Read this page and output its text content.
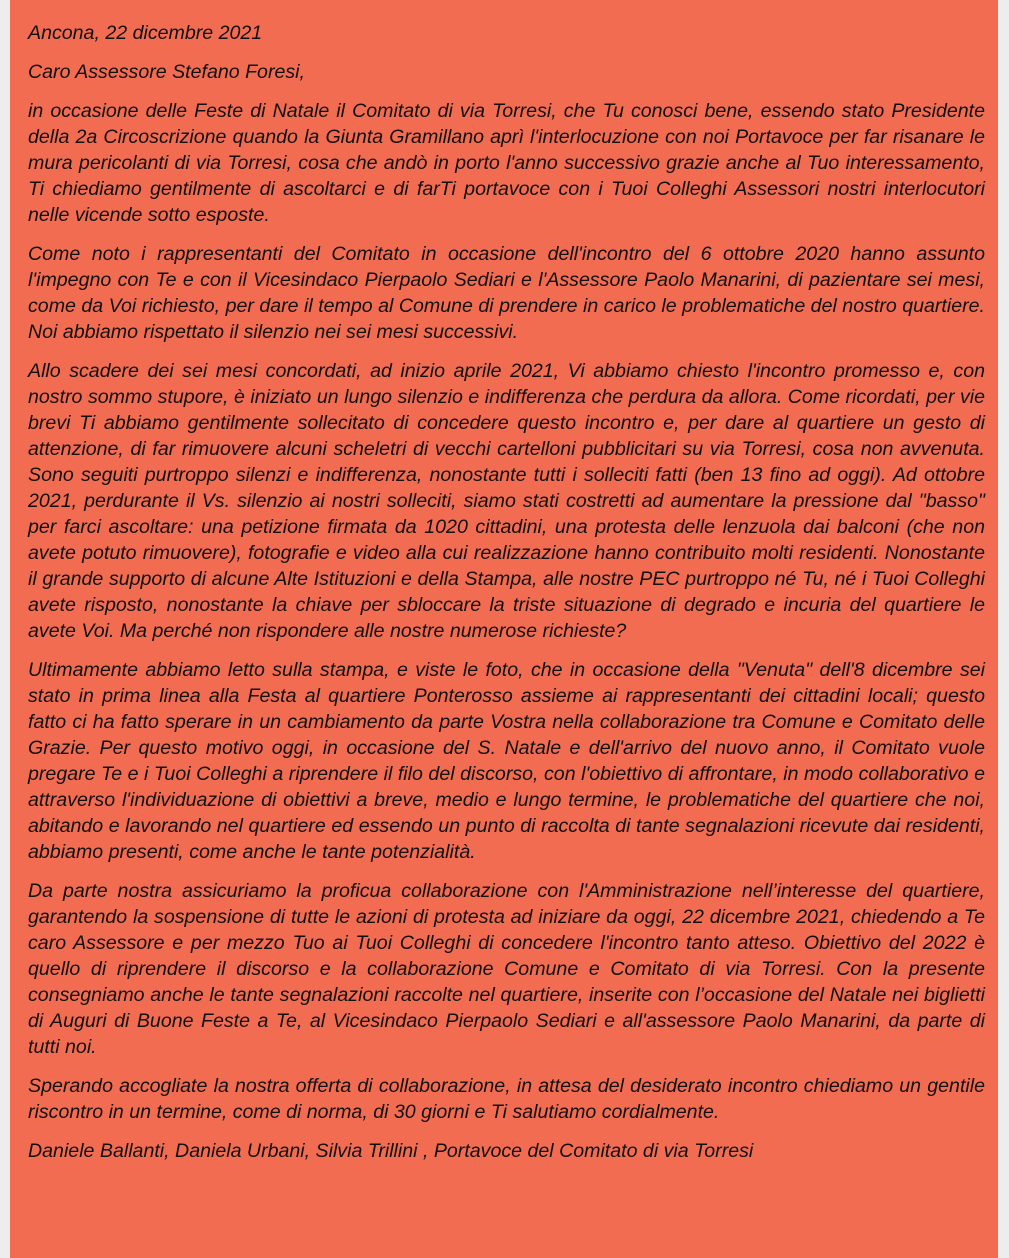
Ancona, 22 dicembre 2021

Caro Assessore Stefano Foresi,

in occasione delle Feste di Natale il Comitato di via Torresi, che Tu conosci bene, essendo stato Presidente della 2a Circoscrizione quando la Giunta Gramillano aprì l'interlocuzione con noi Portavoce per far risanare le mura pericolanti di via Torresi, cosa che andò in porto l'anno successivo grazie anche al Tuo interessamento, Ti chiediamo gentilmente di ascoltarci e di farTi portavoce con i Tuoi Colleghi Assessori nostri interlocutori nelle vicende sotto esposte.

Come noto i rappresentanti del Comitato in occasione dell'incontro del 6 ottobre 2020 hanno assunto l'impegno con Te e con il Vicesindaco Pierpaolo Sediari e l'Assessore Paolo Manarini, di pazientare sei mesi, come da Voi richiesto, per dare il tempo al Comune di prendere in carico le problematiche del nostro quartiere. Noi abbiamo rispettato il silenzio nei sei mesi successivi.

Allo scadere dei sei mesi concordati, ad inizio aprile 2021, Vi abbiamo chiesto l'incontro promesso e, con nostro sommo stupore, è iniziato un lungo silenzio e indifferenza che perdura da allora. Come ricordati, per vie brevi Ti abbiamo gentilmente sollecitato di concedere questo incontro e, per dare al quartiere un gesto di attenzione, di far rimuovere alcuni scheletri di vecchi cartelloni pubblicitari su via Torresi, cosa non avvenuta. Sono seguiti purtroppo silenzi e indifferenza, nonostante tutti i solleciti fatti (ben 13 fino ad oggi). Ad ottobre 2021, perdurante il Vs. silenzio ai nostri solleciti, siamo stati costretti ad aumentare la pressione dal "basso" per farci ascoltare: una petizione firmata da 1020 cittadini, una protesta delle lenzuola dai balconi (che non avete potuto rimuovere), fotografie e video alla cui realizzazione hanno contribuito molti residenti. Nonostante il grande supporto di alcune Alte Istituzioni e della Stampa, alle nostre PEC purtroppo né Tu, né i Tuoi Colleghi avete risposto, nonostante la chiave per sbloccare la triste situazione di degrado e incuria del quartiere le avete Voi. Ma perché non rispondere alle nostre numerose richieste?

Ultimamente abbiamo letto sulla stampa, e viste le foto, che in occasione della "Venuta" dell'8 dicembre sei stato in prima linea alla Festa al quartiere Ponterosso assieme ai rappresentanti dei cittadini locali; questo fatto ci ha fatto sperare in un cambiamento da parte Vostra nella collaborazione tra Comune e Comitato delle Grazie. Per questo motivo oggi, in occasione del S. Natale e dell'arrivo del nuovo anno, il Comitato vuole pregare Te e i Tuoi Colleghi a riprendere il filo del discorso, con l'obiettivo di affrontare, in modo collaborativo e attraverso l'individuazione di obiettivi a breve, medio e lungo termine, le problematiche del quartiere che noi, abitando e lavorando nel quartiere ed essendo un punto di raccolta di tante segnalazioni ricevute dai residenti, abbiamo presenti, come anche le tante potenzialità.

Da parte nostra assicuriamo la proficua collaborazione con l'Amministrazione nell’interesse del quartiere, garantendo la sospensione di tutte le azioni di protesta ad iniziare da oggi, 22 dicembre 2021, chiedendo a Te caro Assessore e per mezzo Tuo ai Tuoi Colleghi di concedere l'incontro tanto atteso. Obiettivo del 2022 è quello di riprendere il discorso e la collaborazione Comune e Comitato di via Torresi. Con la presente consegniamo anche le tante segnalazioni raccolte nel quartiere, inserite con l’occasione del Natale nei biglietti di Auguri di Buone Feste a Te, al Vicesindaco Pierpaolo Sediari e all'assessore Paolo Manarini, da parte di tutti noi.

Sperando accogliate la nostra offerta di collaborazione, in attesa del desiderato incontro chiediamo un gentile riscontro in un termine, come di norma, di 30 giorni e Ti salutiamo cordialmente.

Daniele Ballanti, Daniela Urbani, Silvia Trillini , Portavoce del Comitato di via Torresi
